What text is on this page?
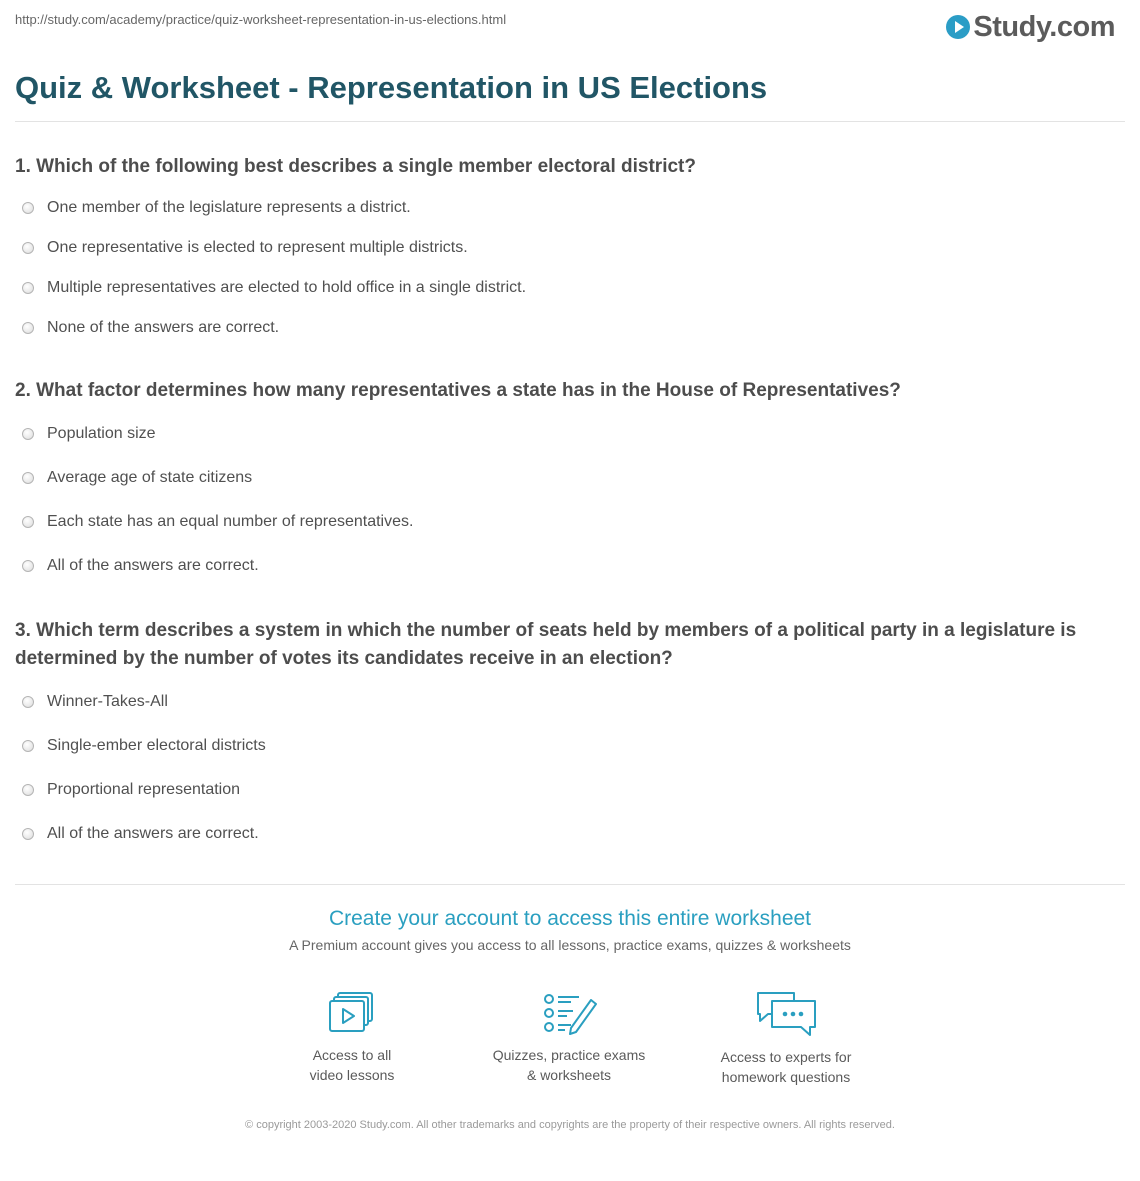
http://study.com/academy/practice/quiz-worksheet-representation-in-us-elections.html	Study.com
Quiz & Worksheet - Representation in US Elections
1. Which of the following best describes a single member electoral district?
One member of the legislature represents a district.
One representative is elected to represent multiple districts.
Multiple representatives are elected to hold office in a single district.
None of the answers are correct.
2. What factor determines how many representatives a state has in the House of Representatives?
Population size
Average age of state citizens
Each state has an equal number of representatives.
All of the answers are correct.
3. Which term describes a system in which the number of seats held by members of a political party in a legislature is determined by the number of votes its candidates receive in an election?
Winner-Takes-All
Single-ember electoral districts
Proportional representation
All of the answers are correct.
Create your account to access this entire worksheet
A Premium account gives you access to all lessons, practice exams, quizzes & worksheets
Access to all
video lessons
Quizzes, practice exams
& worksheets
Access to experts for
homework questions
© copyright 2003-2020 Study.com. All other trademarks and copyrights are the property of their respective owners. All rights reserved.
